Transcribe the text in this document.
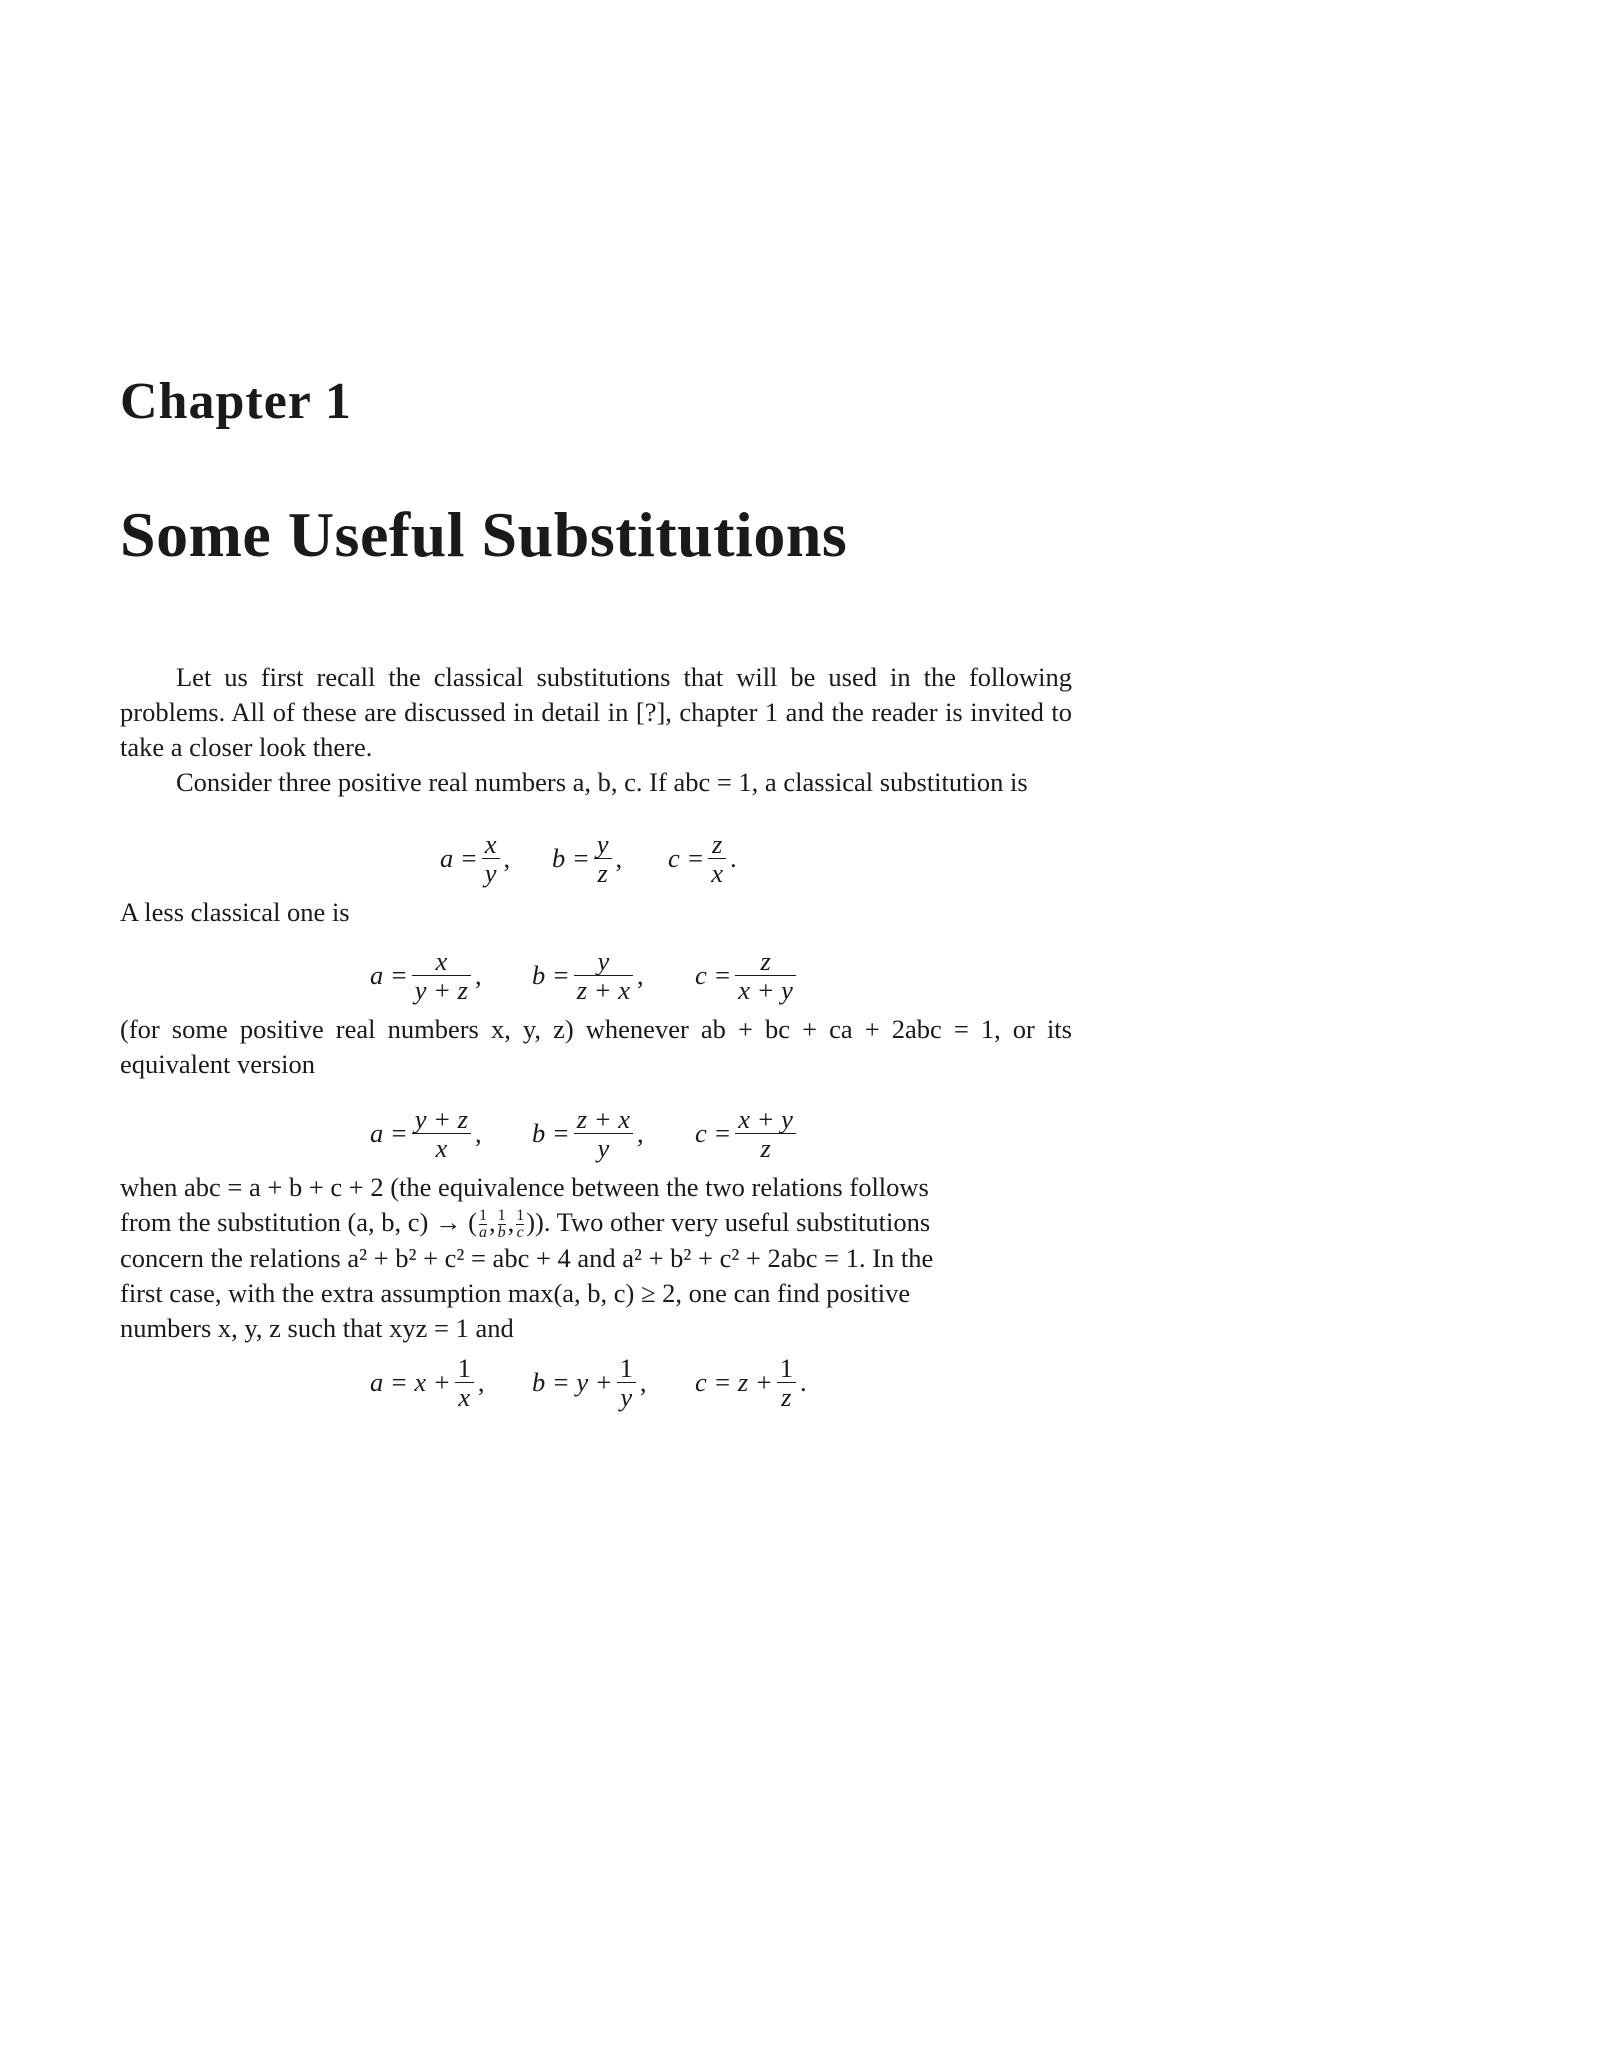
Chapter 1
Some Useful Substitutions

Let us first recall the classical substitutions that will be used in the following problems. All of these are discussed in detail in [?], chapter 1 and the reader is invited to take a closer look there.

Consider three positive real numbers a, b, c. If abc = 1, a classical substitution is

$a = \frac{x}{y}$ , $b = \frac{y}{z}$ , $c = \frac{z}{x}$ .

A less classical one is

$a = \frac{x}{y + z}$ , $b = \frac{y}{z + x}$ , $c = \frac{z}{x + y}$

(for some positive real numbers x, y, z) whenever ab + bc + ca + 2abc = 1, or its equivalent version

$a = \frac{y + z}{x}$ , $b = \frac{z + x}{y}$ , $c = \frac{x + y}{z}$

when abc = a + b + c + 2 (the equivalence between the two relations follows

from the substitution (a, b, c) → ( $\frac{1}{a}$ , $\frac{1}{b}$ , $\frac{1}{c}$ )). Two other very useful substitutions

concern the relations a² + b² + c² = abc + 4 and a² + b² + c² + 2abc = 1. In the

first case, with the extra assumption max(a, b, c) ≥ 2, one can find positive

numbers x, y, z such that xyz = 1 and

$a = x + \frac{1}{x}$ , $b = y + \frac{1}{y}$ , $c = z + \frac{1}{z}$ .
